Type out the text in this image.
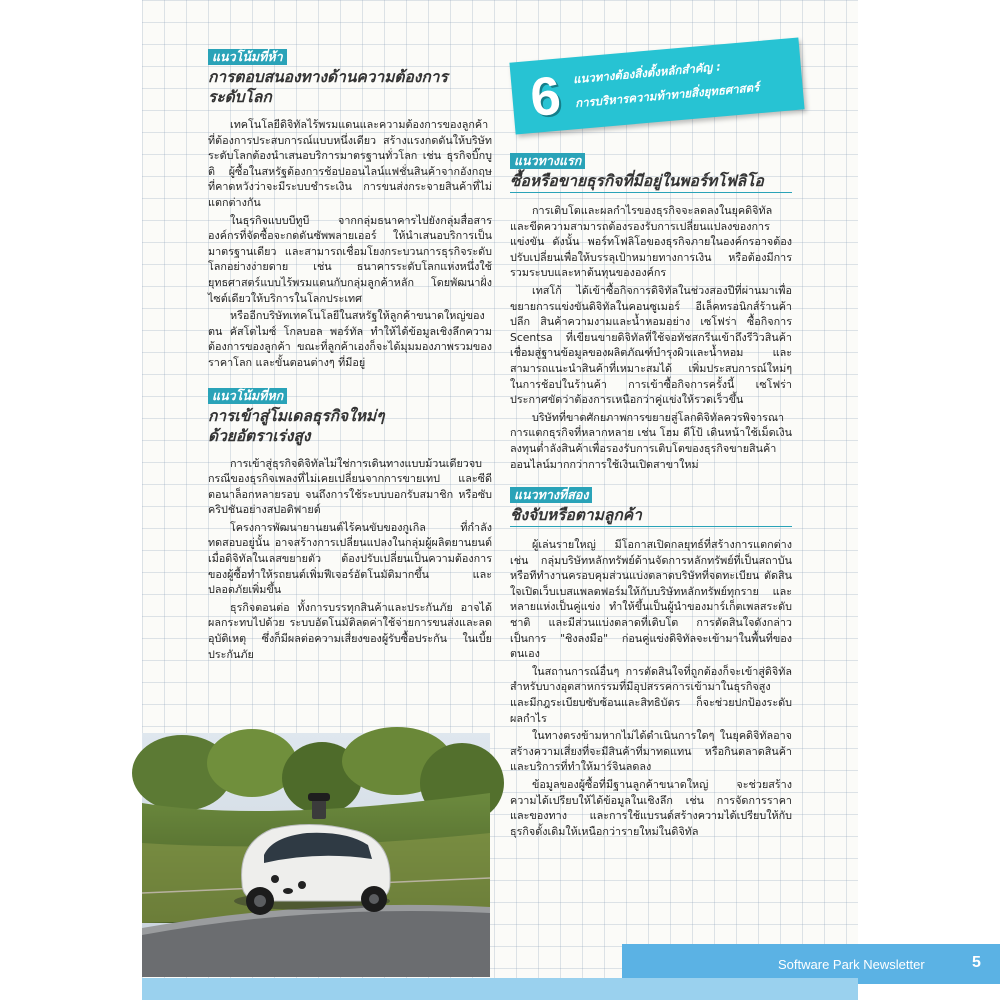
แนวโน้มที่ห้า
การตอบสนองทางด้านความต้องการ
ระดับโลก

เทคโนโลยีดิจิทัลไร้พรมแดนและความต้องการของลูกค้าที่ต้องการประสบการณ์แบบหนึ่งเดียว สร้างแรงกดดันให้บริษัทระดับโลกต้องนำเสนอบริการมาตรฐานทั่วโลก เช่น ธุรกิจบิ๊กบูติ ผู้ซื้อในสหรัฐต้องการช้อปออนไลน์แฟชั่นสินค้าจากอังกฤษ ที่คาดหวังว่าจะมีระบบชำระเงิน การขนส่งกระจายสินค้าที่ไม่แตกต่างกัน

ในธุรกิจแบบบีทูบี จากกลุ่มธนาคารไปยังกลุ่มสื่อสาร องค์กรที่จัดซื้อจะกดดันซัพพลายเออร์ ให้นำเสนอบริการเป็นมาตรฐานเดียว และสามารถเชื่อมโยงกระบวนการธุรกิจระดับโลกอย่างง่ายดาย เช่น ธนาคารระดับโลกแห่งหนึ่งใช้ยุทธศาสตร์แบบไร้พรมแดนกับกลุ่มลูกค้าหลัก โดยพัฒนาฝั่งไซต์เดียวให้บริการในโลกประเทศ

หรืออีกบริษัทเทคโนโลยีในสหรัฐให้ลูกค้าขนาดใหญ่ของตน คัสโตไมซ์ โกลบอล พอร์ทัล ทำให้ได้ข้อมูลเชิงลึกความต้องการของลูกค้า ขณะที่ลูกค้าเองก็จะได้มุมมองภาพรวมของราคาโลก และขั้นตอนต่างๆ ที่มีอยู่

แนวโน้มที่หก
การเข้าสู่โมเดลธุรกิจใหม่ๆ
ด้วยอัตราเร่งสูง

การเข้าสู่ธุรกิจดิจิทัลไม่ใช่การเดินทางแบบม้วนเดียวจบ กรณีของธุรกิจเพลงที่ไม่เคยเปลี่ยนจากการขายเทป และซีดี ตอนาล็อกหลายรอบ จนถึงการใช้ระบบบอกรับสมาชิก หรือซับคริปชันอย่างสปอติฟายต์

โครงการพัฒนายานยนต์ไร้คนขับของกูเกิล ที่กำลังทดสอบอยู่นั้น อาจสร้างการเปลี่ยนแปลงในกลุ่มผู้ผลิตยานยนต์ เมื่อดิจิทัลในเลสขยายตัว ต้องปรับเปลี่ยนเป็นความต้องการของผู้ซื้อทำให้รถยนต์เพิ่มฟีเจอร์อัตโนมัติมากขึ้น และปลอดภัยเพิ่มขึ้น

ธุรกิจตอนต่อ ทั้งการบรรทุกสินค้าและประกันภัย อาจได้ผลกระทบไปด้วย ระบบอัตโนมัติลดค่าใช้จ่ายการขนส่งและลดอุบัติเหตุ ซึ่งก็มีผลต่อความเสี่ยงของผู้รับซื้อประกัน ในเบี้ยประกันภัย

6 แนวทางต้องสิ่งตั้งหลักสำคัญ :
การบริหารความท้าทายสิ่งยุทธศาสตร์
แนวทางแรก
ซื้อหรือขายธุรกิจที่มีอยู่ในพอร์ทโฟลิโอ

การเติบโตและผลกำไรของธุรกิจจะลดลงในยุคดิจิทัล และขีดความสามารถต้องรองรับการเปลี่ยนแปลงของการแข่งขัน ดังนั้น พอร์ทโฟลิโอของธุรกิจภายในองค์กรอาจต้องปรับเปลี่ยนเพื่อให้บรรลุเป้าหมายทางการเงิน หรือต้องมีการรวมระบบและหาต้นทุนขององค์กร

เทสโก้ ได้เข้าซื้อกิจการดิจิทัลในช่วงสองปีที่ผ่านมาเพื่อขยายการแข่งขันดิจิทัลในคอนซูเมอร์ อีเล็คทรอนิกส์ร้านค้าปลีก สินค้าความงามและน้ำหอมอย่าง เซโฟร่า ซื้อกิจการ Scentsa ที่เขียนขายดิจิทัลที่ใช้จอทัชสกรีนเข้าถึงรีวิวสินค้า เชื่อมสู่ฐานข้อมูลของผลิตภัณฑ์บำรุงผิวและน้ำหอม และสามารถแนะนำสินค้าที่เหมาะสมได้ เพิ่มประสบการณ์ใหม่ๆ ในการช้อปในร้านค้า การเข้าซื้อกิจการครั้งนี้ เซโฟร่า ประกาศขัดว่าต้องการเหนือกว่าคู่แข่งให้รวดเร็วขึ้น

บริษัทที่ขาดศักยภาพการขยายสู่โลกดิจิทัลควรพิจารณาการแตกธุรกิจที่หลากหลาย เช่น โฮม ดีโป้ เดินหน้าใช้เม็ดเงินลงทุนต่ำลังสินค้าเพื่อรองรับการเติบโตของธุรกิจขายสินค้าออนไลน์มากกว่าการใช้เงินเปิดสาขาใหม่

แนวทางที่สอง
ชิงจับหรือตามลูกค้า

ผู้เล่นรายใหญ่ มีโอกาสเปิดกลยุทธ์ที่สร้างการแตกต่าง เช่น กลุ่มบริษัทหลักทรัพย์ด้านจัดการหลักทรัพย์ที่เป็นสถาบันหรือทีทำงานครอบคุมส่วนแบ่งตลาดบริษัทที่จดทะเบียน ตัดสินใจเปิดเว็บเบสแพลตฟอร์มให้กับบริษัทหลักทรัพย์ทุกราย และหลายแห่งเป็นคู่แข่ง ทำให้ขึ้นเป็นผู้นำของมาร์เก็ตเพลสระดับชาติ และมีส่วนแบ่งตลาดที่เติบโต การตัดสินใจดังกล่าวเป็นการ "ชิงลงมือ" ก่อนคู่แข่งดิจิทัลจะเข้ามาในพื้นที่ของตนเอง

ในสถานการณ์อื่นๆ การตัดสินใจที่ถูกต้องก็จะเข้าสู่ดิจิทัล สำหรับบางอุตสาหกรรมที่มีอุปสรรคการเข้ามาในธุรกิจสูง และมีกฎระเบียบซับซ้อนและสิทธิบัตร ก็จะช่วยปกป้องระดับผลกำไร

ในทางตรงข้ามหากไม่ได้ดำเนินการใดๆ ในยุคดิจิทัลอาจสร้างความเสี่ยงที่จะมีสินค้าที่มาทดแทน หรือกินตลาดสินค้าและบริการที่ทำให้มาร์จินลดลง

ข้อมูลของผู้ซื้อที่มีฐานลูกค้าขนาดใหญ่ จะช่วยสร้างความได้เปรียบให้ได้ข้อมูลในเชิงลึก เช่น การจัดการราคาและของทาง และการใช้แบรนด์สร้างความได้เปรียบให้กับธุรกิจดั้งเดิมให้เหนือกว่ารายใหม่ในดิจิทัล

Software Park Newsletter	5
